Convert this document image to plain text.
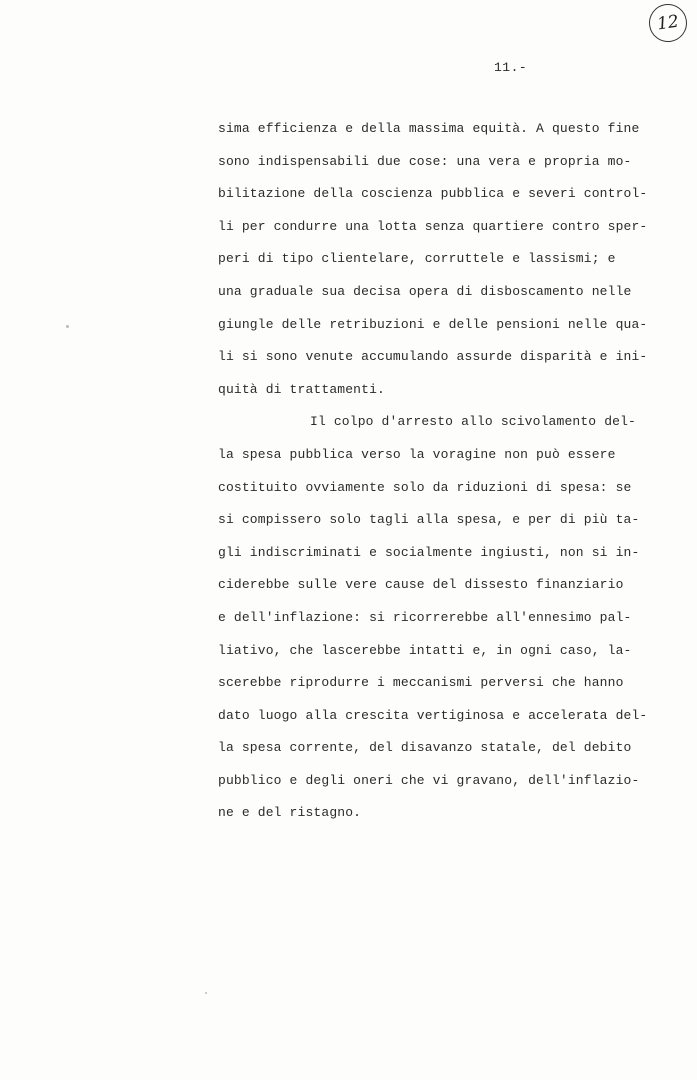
12
11.-
sima efficienza e della massima equità. A questo fine
sono indispensabili due cose: una vera e propria mo-
bilitazione della coscienza pubblica e severi control-
li per condurre una lotta senza quartiere contro sper-
peri di tipo clientelare, corruttele e lassismi; e
una graduale sua decisa opera di disboscamento nelle
giungle delle retribuzioni e delle pensioni nelle qua-
li si sono venute accumulando assurde disparità e ini-
quità di trattamenti.
Il colpo d'arresto allo scivolamento del-
la spesa pubblica verso la voragine non può essere
costituito ovviamente solo da riduzioni di spesa: se
si compissero solo tagli alla spesa, e per di più ta-
gli indiscriminati e socialmente ingiusti, non si in-
ciderebbe sulle vere cause del dissesto finanziario
e dell'inflazione: si ricorrerebbe all'ennesimo pal-
liativo, che lascerebbe intatti e, in ogni caso, la-
scerebbe riprodurre i meccanismi perversi che hanno
dato luogo alla crescita vertiginosa e accelerata del-
la spesa corrente, del disavanzo statale, del debito
pubblico e degli oneri che vi gravano, dell'inflazio-
ne e del ristagno.
